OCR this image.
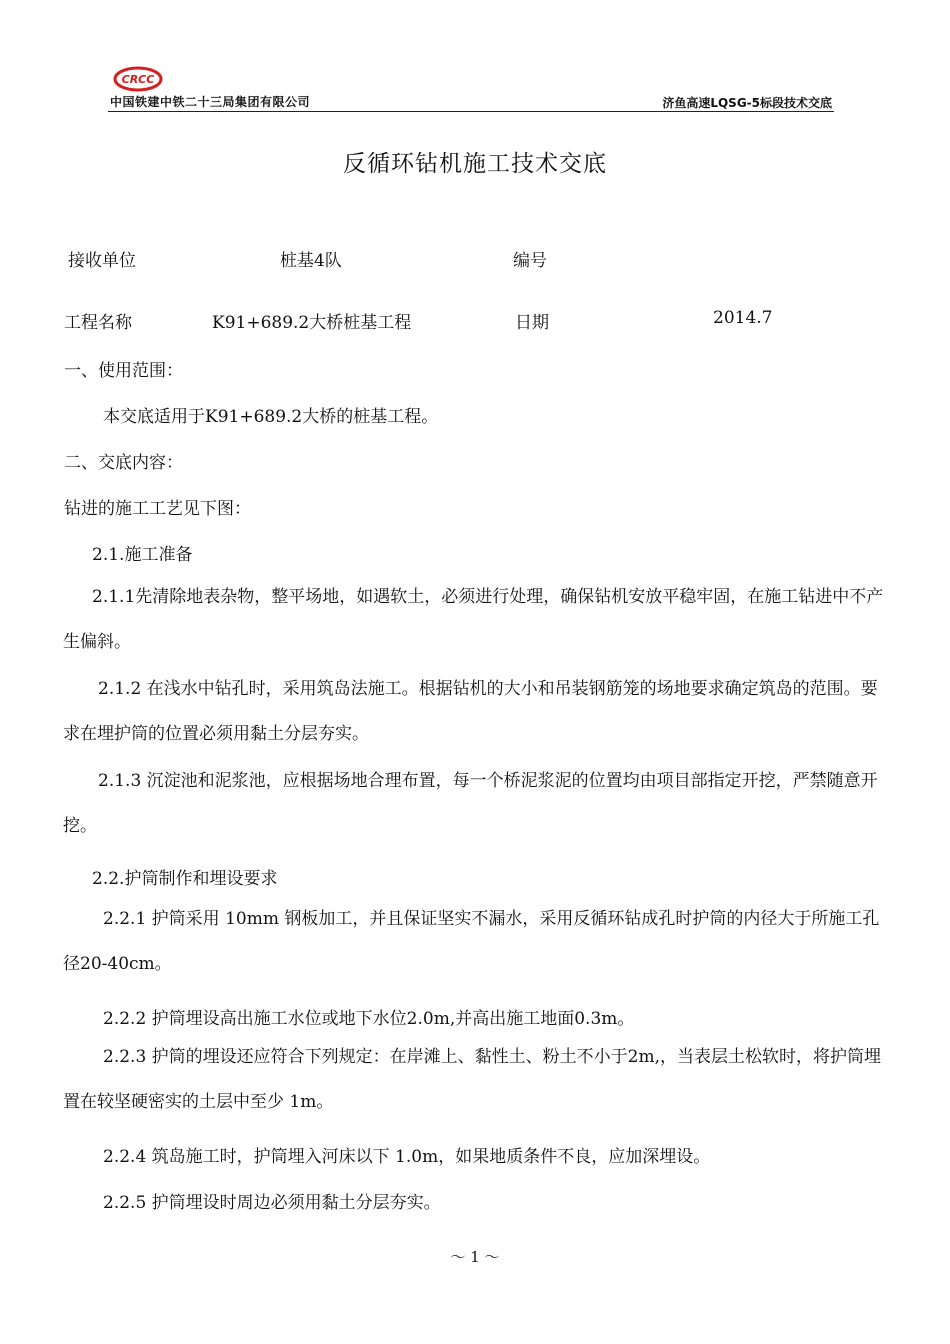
CRCC
中国铁建中铁二十三局集团有限公司	济鱼高速LQSG-5标段技术交底
反循环钻机施工技术交底
接收单位	桩基4队	编号
工程名称	K91+689.2大桥桩基工程	日期	2014.7
一、使用范围：
本交底适用于K91+689.2大桥的桩基工程。
二、交底内容：
钻进的施工工艺见下图：
2.1.施工准备

2.1.1先清除地表杂物，整平场地，如遇软土，必须进行处理，确保钻机安放平稳牢固，在施工钻进中不产生偏斜。

2.1.2 在浅水中钻孔时，采用筑岛法施工。根据钻机的大小和吊装钢筋笼的场地要求确定筑岛的范围。要求在埋护筒的位置必须用黏土分层夯实。

2.1.3 沉淀池和泥浆池，应根据场地合理布置，每一个桥泥浆泥的位置均由项目部指定开挖，严禁随意开挖。

2.2.护筒制作和埋设要求

2.2.1 护筒采用 10mm 钢板加工，并且保证坚实不漏水，采用反循环钻成孔时护筒的内径大于所施工孔径20-40cm。

2.2.2 护筒埋设高出施工水位或地下水位2.0m,并高出施工地面0.3m。

2.2.3 护筒的埋设还应符合下列规定：在岸滩上、黏性土、粉土不小于2m,，当表层土松软时，将护筒埋置在较坚硬密实的土层中至少 1m。

2.2.4 筑岛施工时，护筒埋入河床以下 1.0m，如果地质条件不良，应加深埋设。
2.2.5 护筒埋设时周边必须用黏土分层夯实。
～ 1 ～
